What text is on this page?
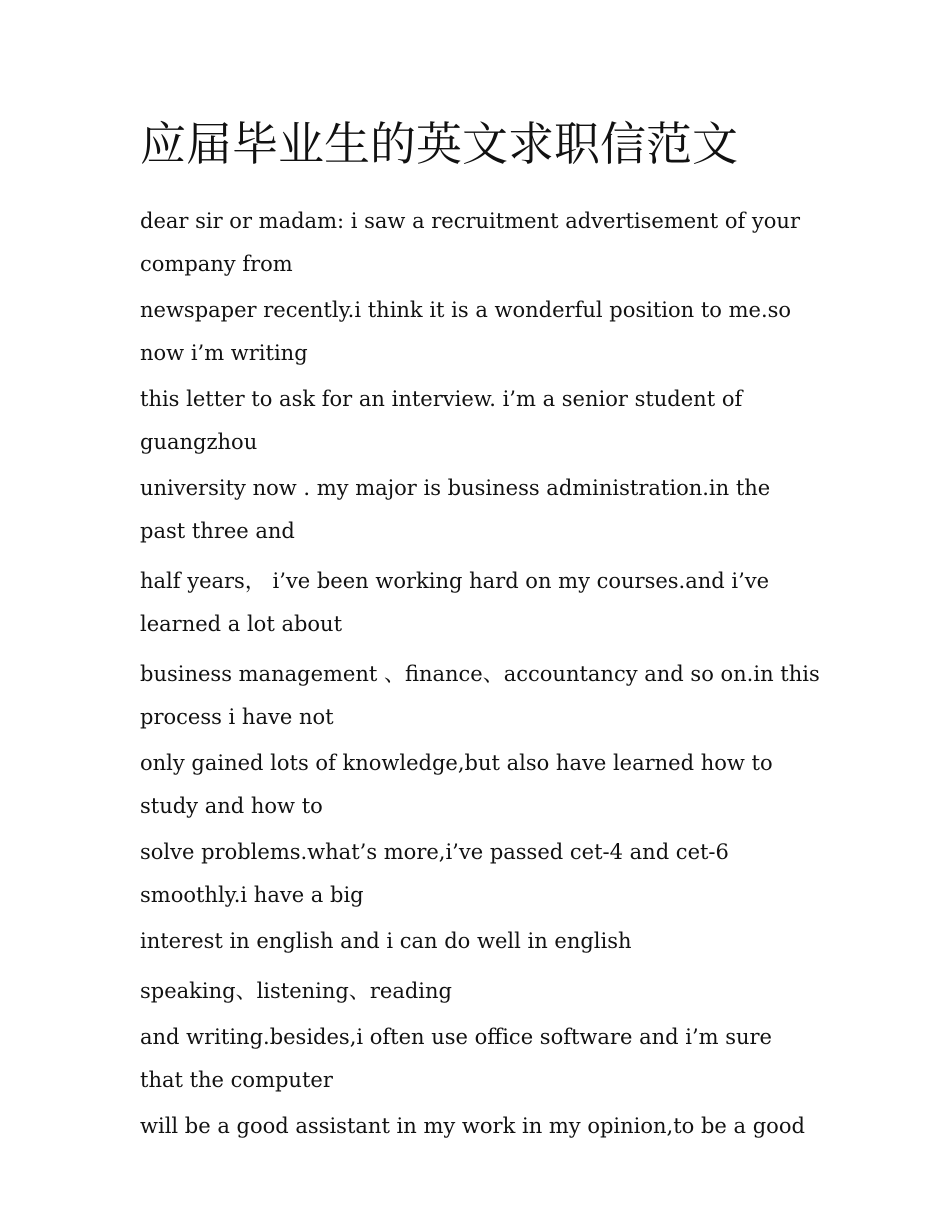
应届毕业生的英文求职信范文

dear sir or madam: i saw a recruitment advertisement of your company from

newspaper recently.i think it is a wonderful position to me.so now i’m writing

this letter to ask for an interview. i’m a senior student of guangzhou

university now . my major is business administration.in the past three and

half years， i’ve been working hard on my courses.and i’ve learned a lot about

business management 、finance、accountancy and so on.in this process i have not

only gained lots of knowledge,but also have learned how to study and how to

solve problems.what’s more,i’ve passed cet-4 and cet-6 smoothly.i have a big

interest in english and i can do well in english

speaking、listening、reading

and writing.besides,i often use office software and i’m sure that the computer

will be a good assistant in my work in my opinion,to be a good
